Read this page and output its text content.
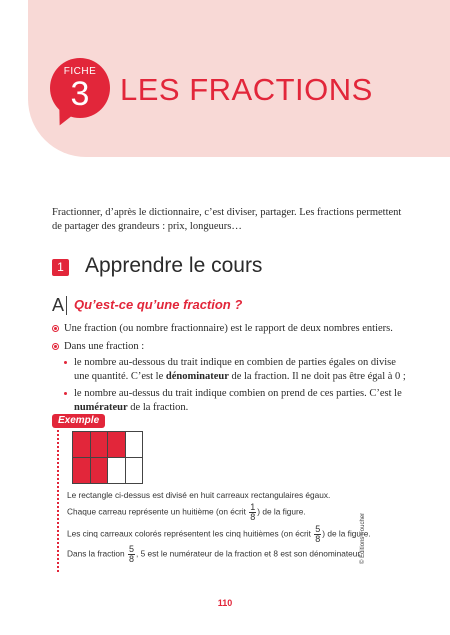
FICHE
3 LES FRACTIONS
Fractionner, d’après le dictionnaire, c’est diviser, partager. Les fractions permettent de partager des grandeurs : prix, longueurs…
1 Apprendre le cours
A Qu’est-ce qu’une fraction ?
Une fraction (ou nombre fractionnaire) est le rapport de deux nombres entiers.
Dans une fraction :
le nombre au-dessous du trait indique en combien de parties égales on divise une quantité. C’est le dénominateur de la fraction. Il ne doit pas être égal à 0 ;
le nombre au-dessus du trait indique combien on prend de ces parties. C’est le numérateur de la fraction.
Exemple
Le rectangle ci-dessus est divisé en huit carreaux rectangulaires égaux.
Chaque carreau représente un huitième (on écrit $\frac{1}{8}$ ) de la figure.
Les cinq carreaux colorés représentent les cinq huitièmes (on écrit $\frac{5}{8}$ ) de la figure.
Dans la fraction $\frac{5}{8}$ , 5 est le numérateur de la fraction et 8 est son dénominateur.
110
© Éditions Foucher
